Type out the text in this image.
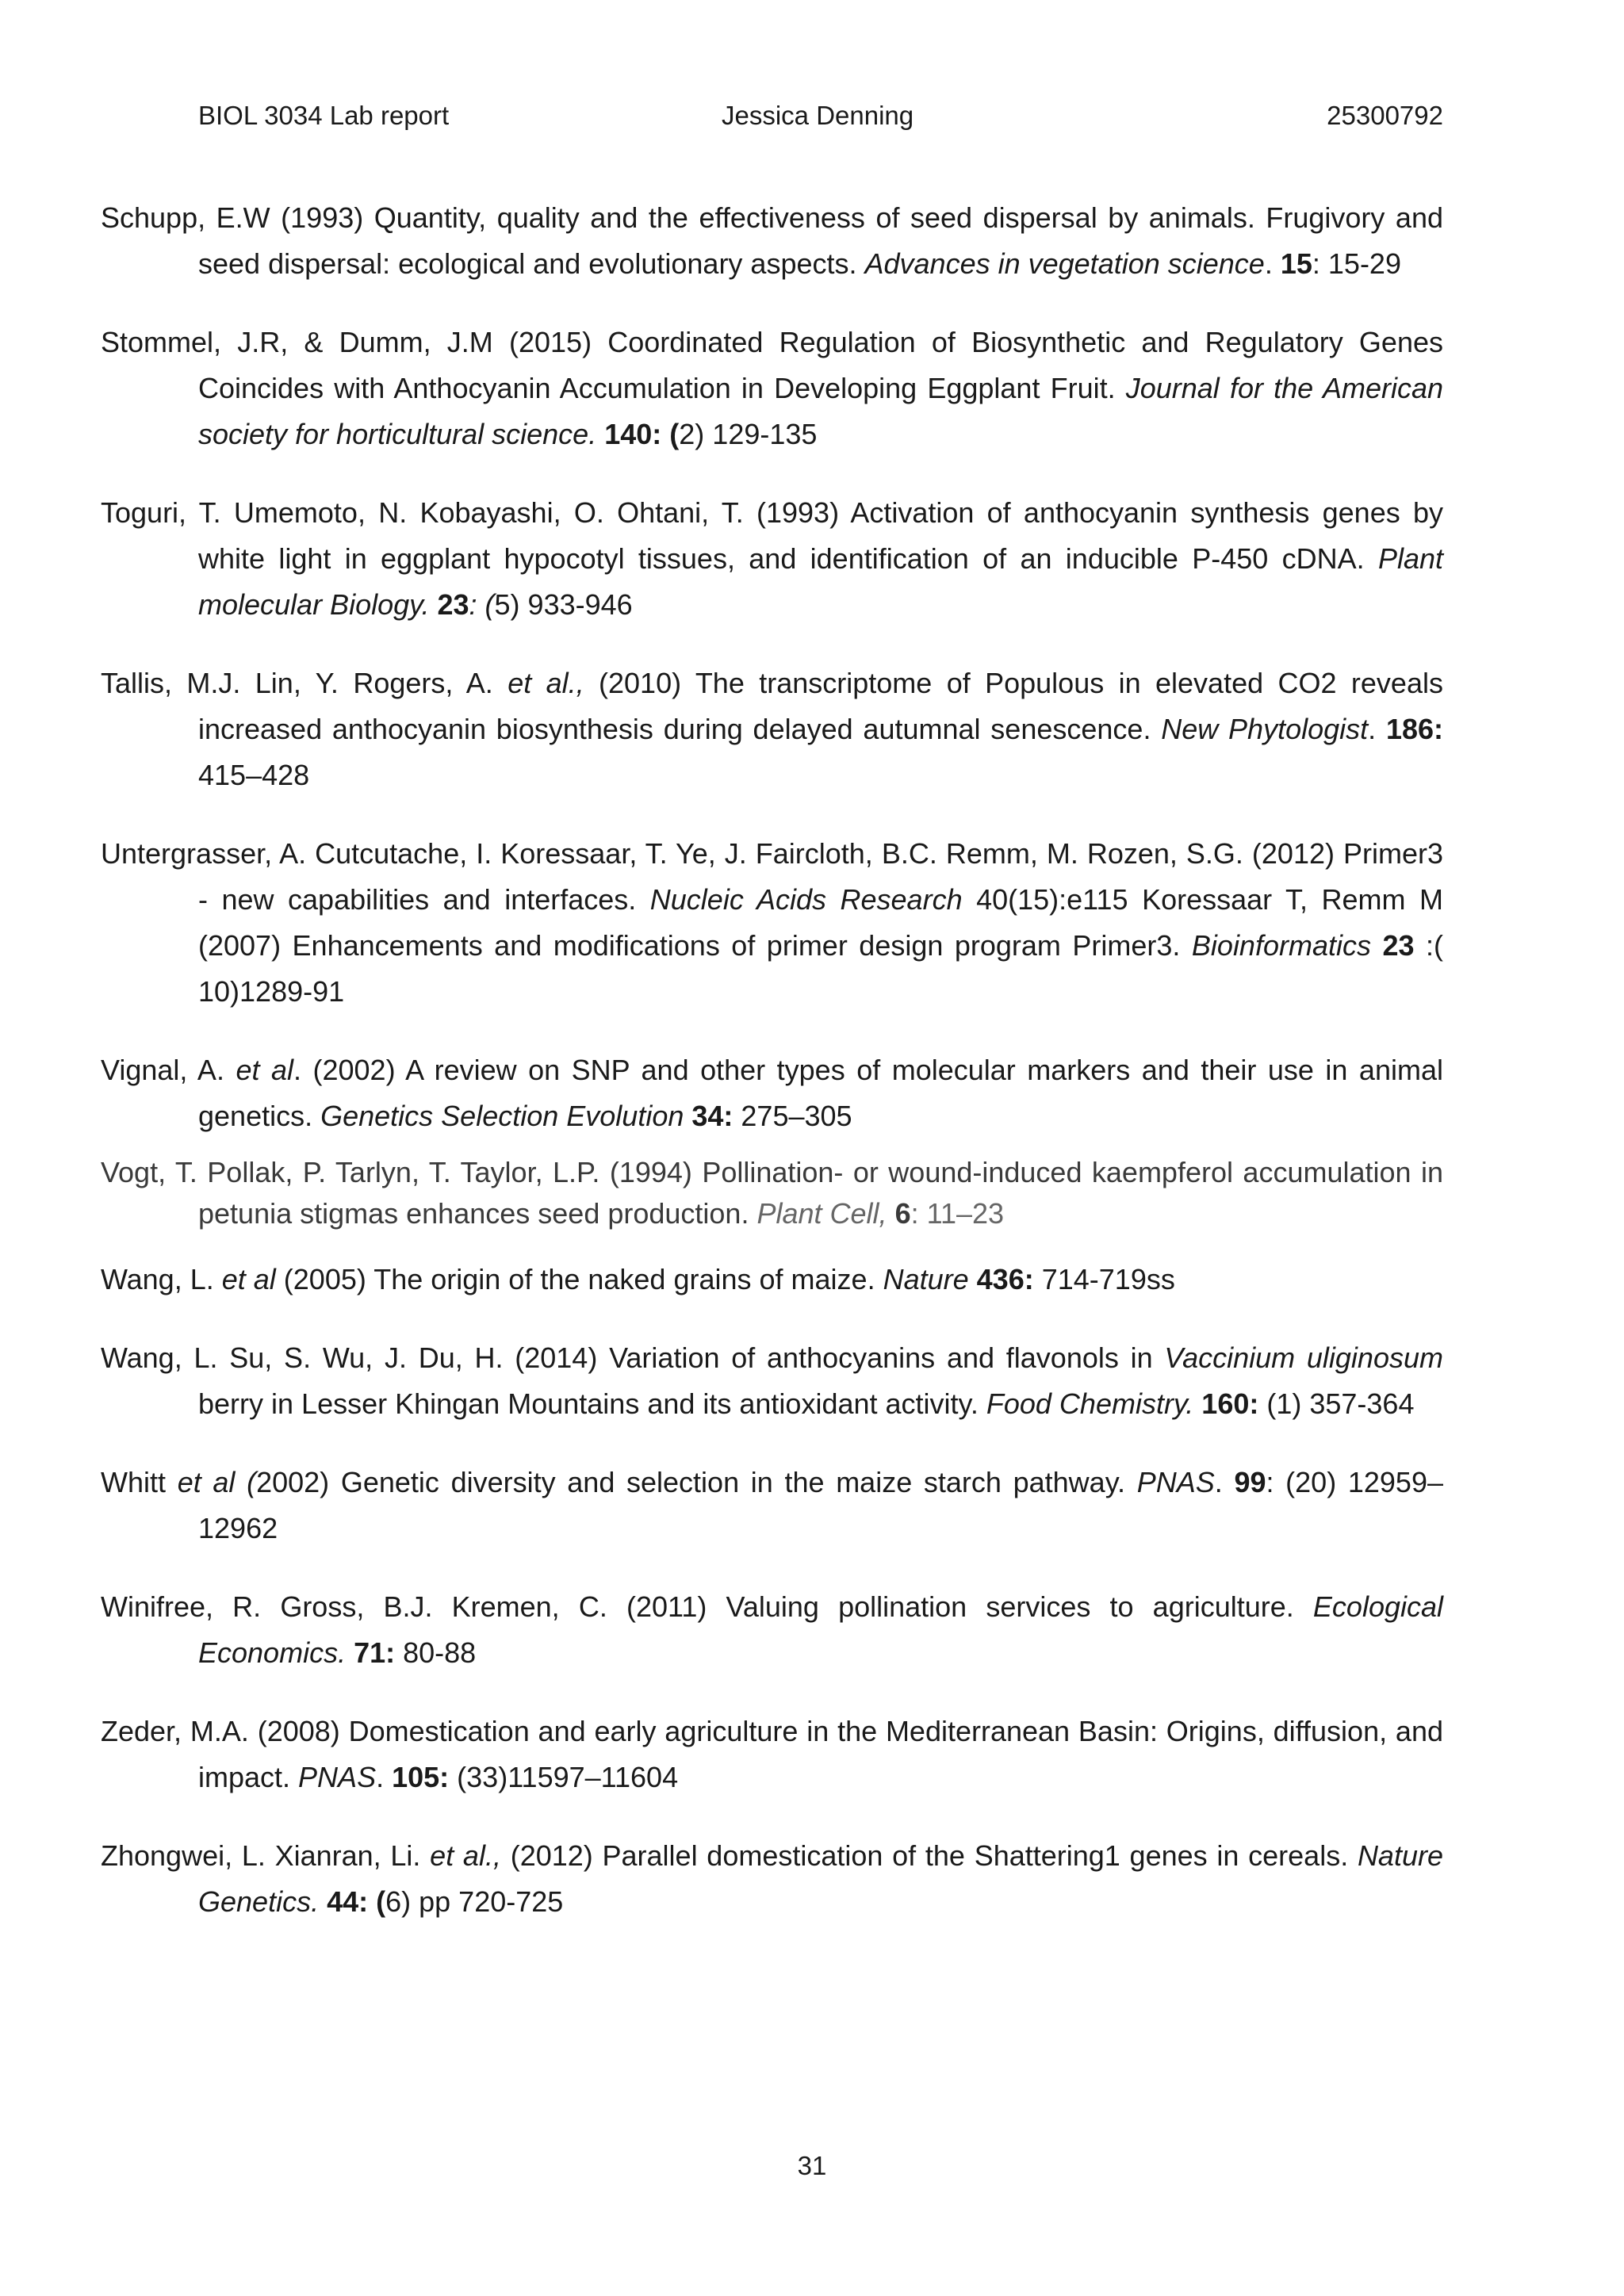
BIOL 3034 Lab report	Jessica Denning	25300792

Schupp, E.W (1993) Quantity, quality and the effectiveness of seed dispersal by animals. Frugivory and seed dispersal: ecological and evolutionary aspects. Advances in vegetation science. 15: 15-29

Stommel, J.R, & Dumm, J.M (2015) Coordinated Regulation of Biosynthetic and Regulatory Genes Coincides with Anthocyanin Accumulation in Developing Eggplant Fruit. Journal for the American society for horticultural science. 140: (2) 129-135

Toguri, T. Umemoto, N. Kobayashi, O. Ohtani, T. (1993) Activation of anthocyanin synthesis genes by white light in eggplant hypocotyl tissues, and identification of an inducible P-450 cDNA. Plant molecular Biology. 23: (5) 933-946

Tallis, M.J. Lin, Y. Rogers, A. et al., (2010) The transcriptome of Populous in elevated CO2 reveals increased anthocyanin biosynthesis during delayed autumnal senescence. New Phytologist. 186: 415–428

Untergrasser, A. Cutcutache, I. Koressaar, T. Ye, J. Faircloth, B.C. Remm, M. Rozen, S.G. (2012) Primer3 - new capabilities and interfaces. Nucleic Acids Research 40(15):e115 Koressaar T, Remm M (2007) Enhancements and modifications of primer design program Primer3. Bioinformatics 23 :( 10)1289-91

Vignal, A. et al. (2002) A review on SNP and other types of molecular markers and their use in animal genetics. Genetics Selection Evolution 34: 275–305

Vogt, T. Pollak, P. Tarlyn, T. Taylor, L.P. (1994) Pollination- or wound-induced kaempferol accumulation in petunia stigmas enhances seed production. Plant Cell, 6: 11–23

Wang, L. et al (2005) The origin of the naked grains of maize. Nature 436: 714-719ss

Wang, L. Su, S. Wu, J. Du, H. (2014) Variation of anthocyanins and flavonols in Vaccinium uliginosum berry in Lesser Khingan Mountains and its antioxidant activity. Food Chemistry. 160: (1) 357-364

Whitt et al (2002) Genetic diversity and selection in the maize starch pathway. PNAS. 99: (20) 12959–12962

Winifree, R. Gross, B.J. Kremen, C. (2011) Valuing pollination services to agriculture. Ecological Economics. 71: 80-88

Zeder, M.A. (2008) Domestication and early agriculture in the Mediterranean Basin: Origins, diffusion, and impact. PNAS. 105: (33)11597–11604

Zhongwei, L. Xianran, Li. et al., (2012) Parallel domestication of the Shattering1 genes in cereals. Nature Genetics. 44: (6) pp 720-725

31
